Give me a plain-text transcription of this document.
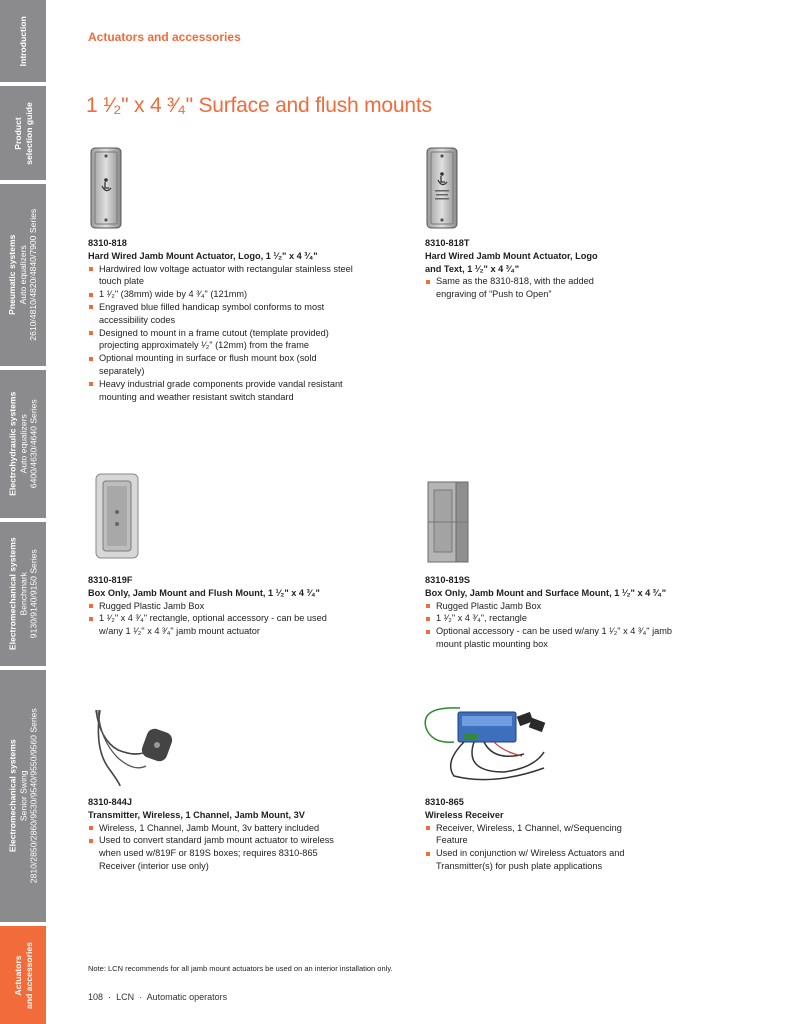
Introduction
Product selection guide
Pneumatic systems Auto equalizers 2610/4810/4820/4840/7900 Series
Electrohydraulic systems Auto equalizers 6400/4630/4640 Series
Electromechanical systems Benchmark 9130/9140/9150 Series
Electromechanical systems Senior Swing 2810/2850/2860/9530/9540/9550/9560 Series
Actuators and accessories
Actuators and accessories
1 ¹⁄₂" x 4 ³⁄₄" Surface and flush mounts
8310-818
Hard Wired Jamb Mount Actuator, Logo, 1 ¹⁄₂" x 4 ³⁄₄"
Hardwired low voltage actuator with rectangular stainless steel touch plate
1 ¹⁄₂" (38mm) wide by 4 ³⁄₄" (121mm)
Engraved blue filled handicap symbol conforms to most accessibility codes
Designed to mount in a frame cutout (template provided) projecting approximately ¹⁄₂" (12mm) from the frame
Optional mounting in surface or flush mount box (sold separately)
Heavy industrial grade components provide vandal resistant mounting and weather resistant switch standard
8310-818T
Hard Wired Jamb Mount Actuator, Logo and Text, 1 ¹⁄₂" x 4 ³⁄₄"
Same as the 8310-818, with the added engraving of “Push to Open”
8310-819F
Box Only, Jamb Mount and Flush Mount, 1 ¹⁄₂" x 4 ³⁄₄"
Rugged Plastic Jamb Box
1 ¹⁄₂" x 4 ³⁄₄" rectangle, optional accessory - can be used w/any 1 ¹⁄₂" x 4 ³⁄₄" jamb mount actuator
8310-819S
Box Only, Jamb Mount and Surface Mount, 1 ¹⁄₂" x 4 ³⁄₄"
Rugged Plastic Jamb Box
1 ¹⁄₂" x 4 ³⁄₄", rectangle
Optional accessory - can be used w/any 1 ¹⁄₂" x 4 ³⁄₄" jamb mount plastic mounting box
8310-844J
Transmitter, Wireless, 1 Channel, Jamb Mount, 3V
Wireless, 1 Channel, Jamb Mount, 3v battery included
Used to convert standard jamb mount actuator to wireless when used w/819F or 819S boxes; requires 8310-865 Receiver (interior use only)
8310-865
Wireless Receiver
Receiver, Wireless, 1 Channel, w/Sequencing Feature
Used in conjunction w/ Wireless Actuators and Transmitter(s) for push plate applications
Note: LCN recommends for all jamb mount actuators be used on an interior installation only.
108 · LCN · Automatic operators
